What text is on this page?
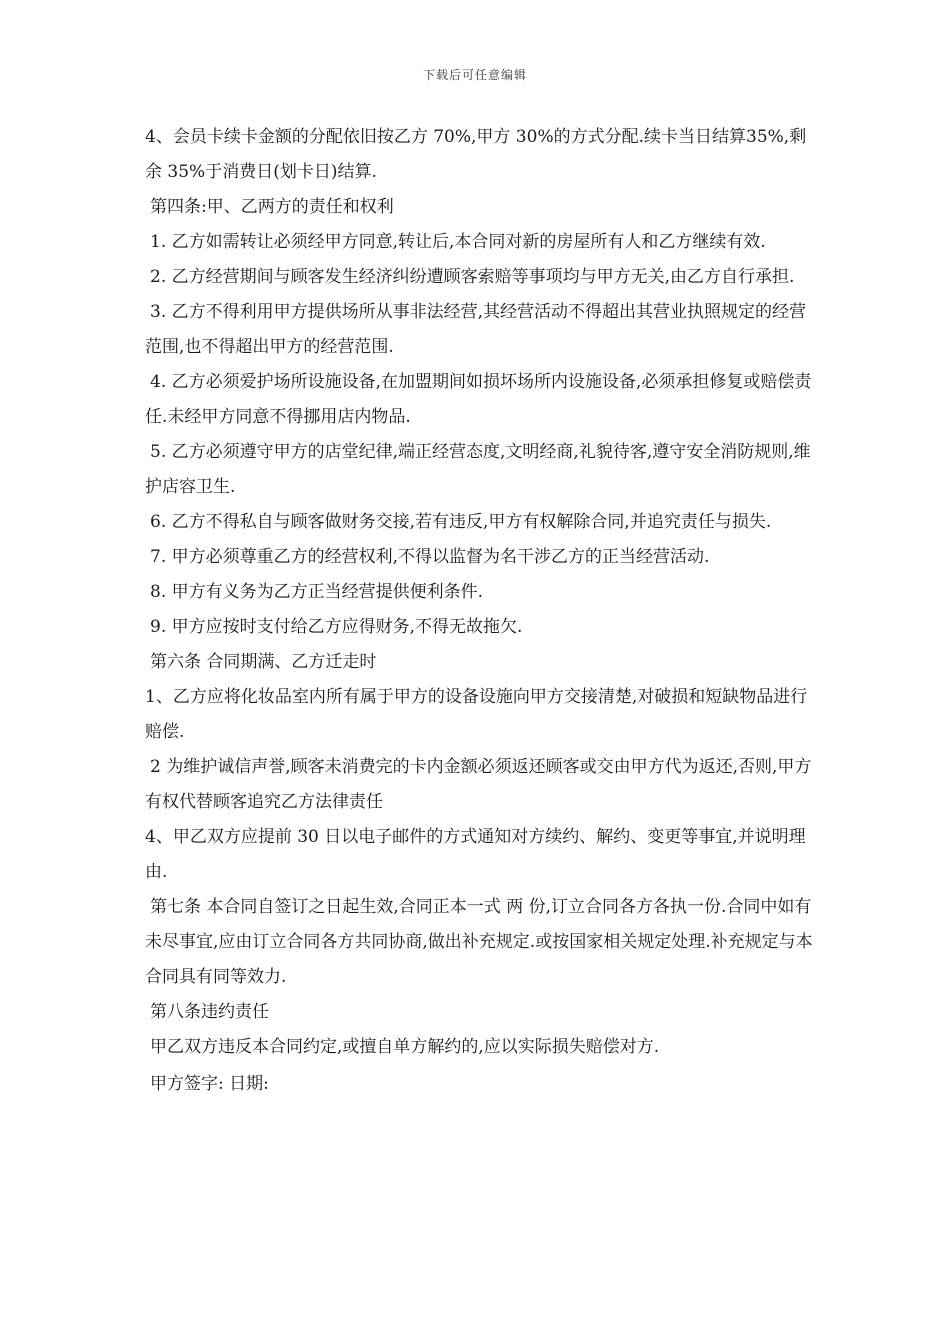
下载后可任意编辑

4、会员卡续卡金额的分配依旧按乙方 70%,甲方 30%的方式分配.续卡当日结算35%,剩余 35%于消费日(划卡日)结算.

第四条:甲、乙两方的责任和权利

1. 乙方如需转让必须经甲方同意,转让后,本合同对新的房屋所有人和乙方继续有效.

2. 乙方经营期间与顾客发生经济纠纷遭顾客索赔等事项均与甲方无关,由乙方自行承担.

3. 乙方不得利用甲方提供场所从事非法经营,其经营活动不得超出其营业执照规定的经营范围,也不得超出甲方的经营范围.

4. 乙方必须爱护场所设施设备,在加盟期间如损坏场所内设施设备,必须承担修复或赔偿责任.未经甲方同意不得挪用店内物品.

5. 乙方必须遵守甲方的店堂纪律,端正经营态度,文明经商,礼貌待客,遵守安全消防规则,维护店容卫生.

6. 乙方不得私自与顾客做财务交接,若有违反,甲方有权解除合同,并追究责任与损失.

7. 甲方必须尊重乙方的经营权利,不得以监督为名干涉乙方的正当经营活动.

8. 甲方有义务为乙方正当经营提供便利条件.

9. 甲方应按时支付给乙方应得财务,不得无故拖欠.

第六条 合同期满、乙方迁走时

1、乙方应将化妆品室内所有属于甲方的设备设施向甲方交接清楚,对破损和短缺物品进行赔偿.

2 为维护诚信声誉,顾客未消费完的卡内金额必须返还顾客或交由甲方代为返还,否则,甲方有权代替顾客追究乙方法律责任

4、甲乙双方应提前 30 日以电子邮件的方式通知对方续约、解约、变更等事宜,并说明理由.

第七条 本合同自签订之日起生效,合同正本一式 两 份,订立合同各方各执一份.合同中如有未尽事宜,应由订立合同各方共同协商,做出补充规定.或按国家相关规定处理.补充规定与本合同具有同等效力.

第八条违约责任

甲乙双方违反本合同约定,或擅自单方解约的,应以实际损失赔偿对方.

甲方签字: 日期:
